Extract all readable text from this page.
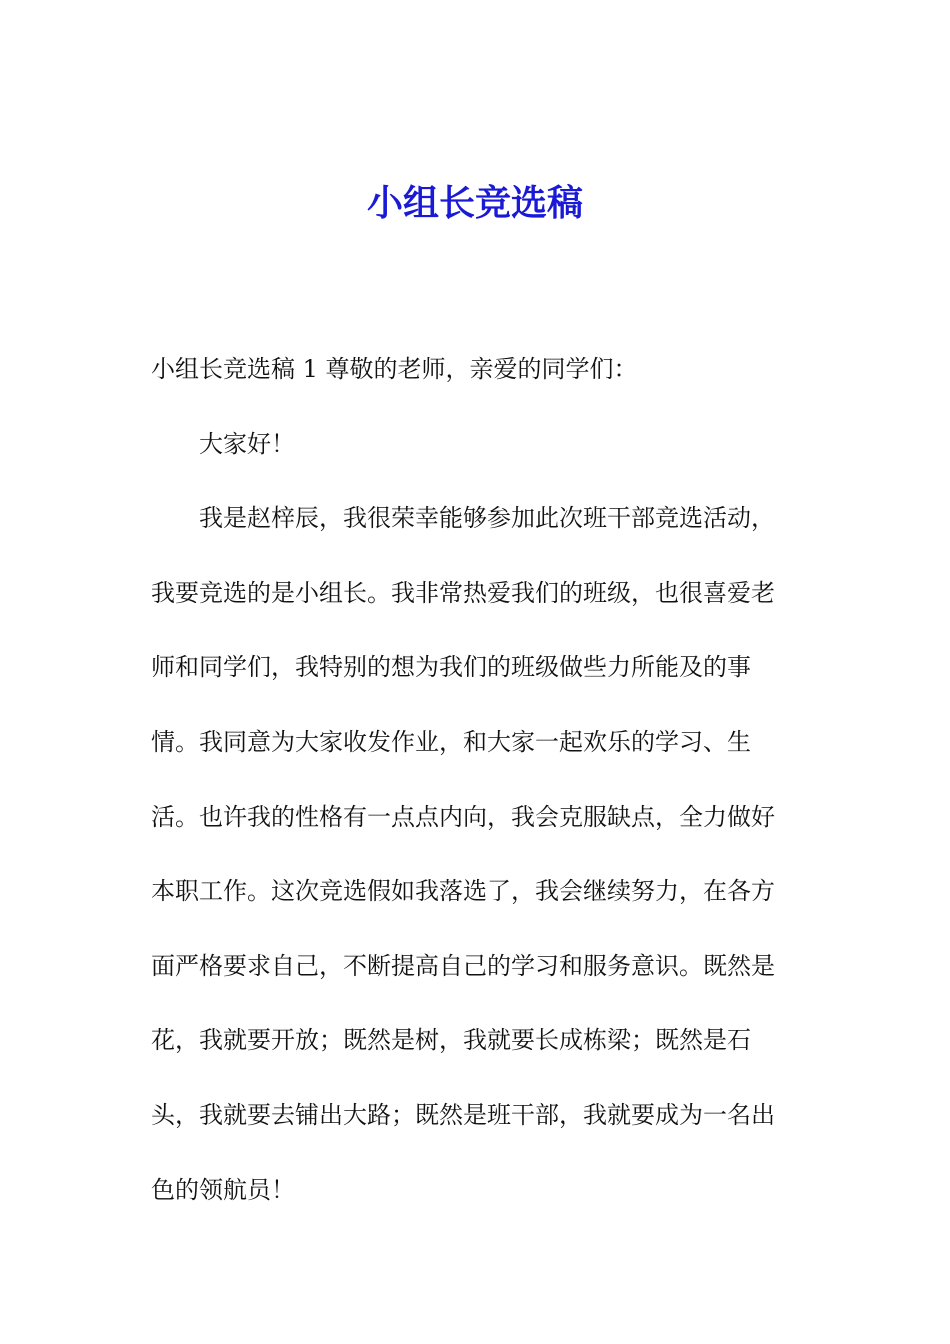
小组长竞选稿

小组长竞选稿 1 尊敬的老师，亲爱的同学们：

大家好！

我是赵梓辰，我很荣幸能够参加此次班干部竞选活动，我要竞选的是小组长。我非常热爱我们的班级，也很喜爱老师和同学们，我特别的想为我们的班级做些力所能及的事情。我同意为大家收发作业，和大家一起欢乐的学习、生活。也许我的性格有一点点内向，我会克服缺点，全力做好本职工作。这次竞选假如我落选了，我会继续努力，在各方面严格要求自己，不断提高自己的学习和服务意识。既然是花，我就要开放；既然是树，我就要长成栋梁；既然是石头，我就要去铺出大路；既然是班干部，我就要成为一名出色的领航员！
